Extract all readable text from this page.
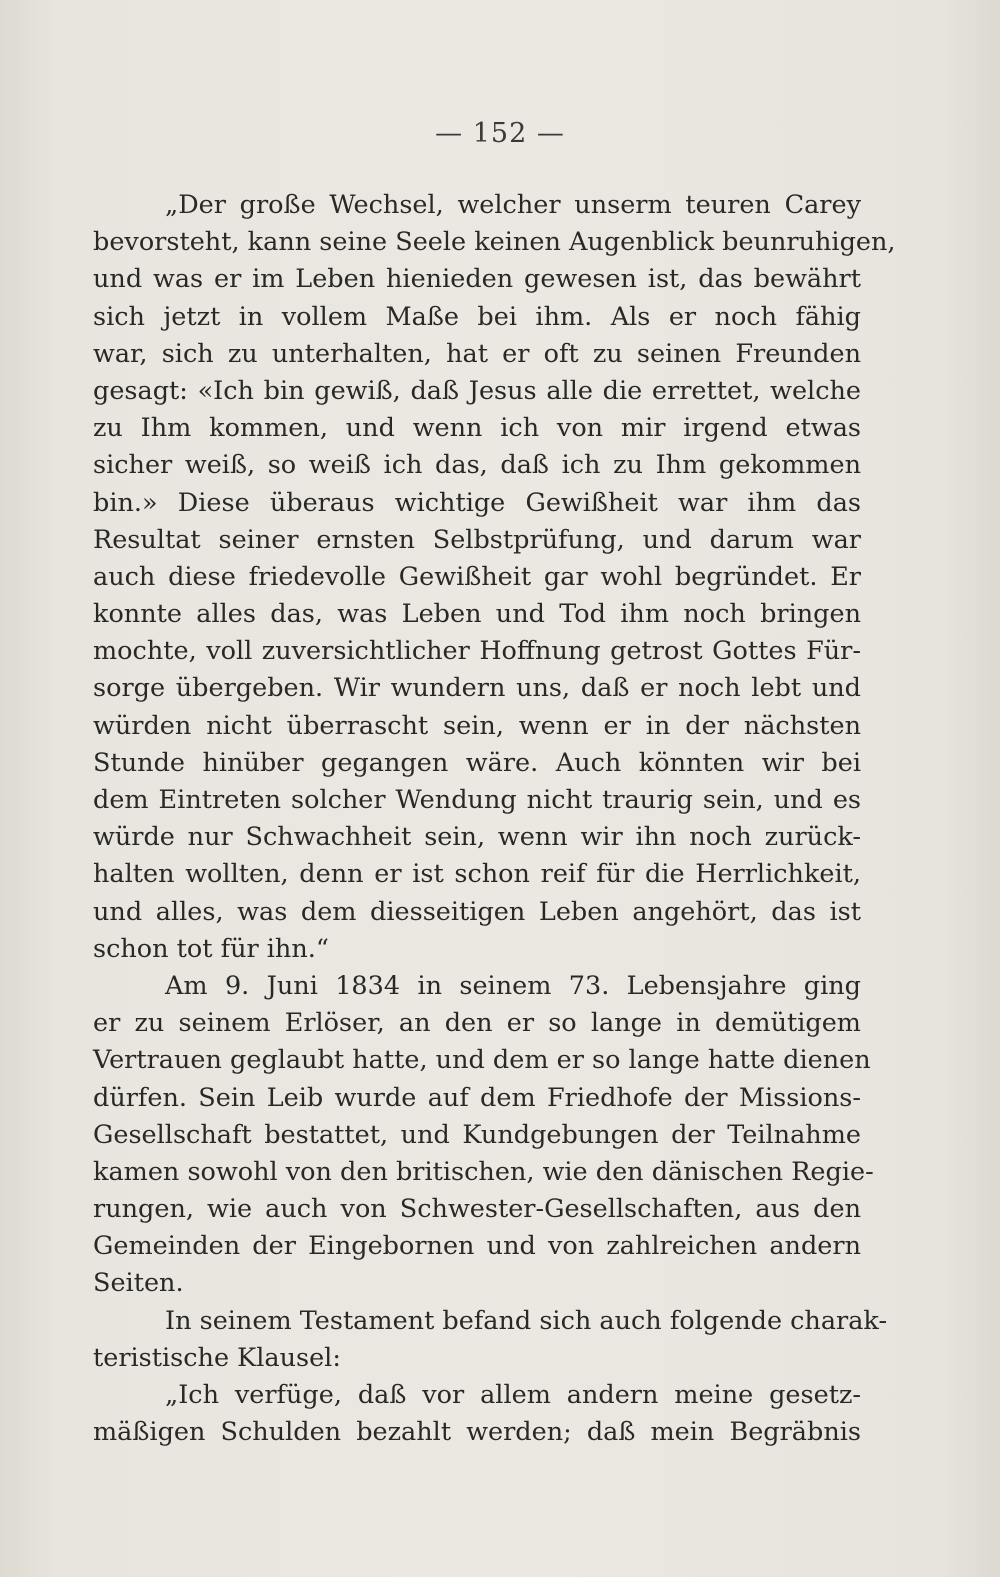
— 152 —
„Der große Wechsel, welcher unserm teuren Carey
bevorsteht, kann seine Seele keinen Augenblick beunruhigen,
und was er im Leben hienieden gewesen ist, das bewährt
sich jetzt in vollem Maße bei ihm. Als er noch fähig
war, sich zu unterhalten, hat er oft zu seinen Freunden
gesagt: «Ich bin gewiß, daß Jesus alle die errettet, welche
zu Ihm kommen, und wenn ich von mir irgend etwas
sicher weiß, so weiß ich das, daß ich zu Ihm gekommen
bin.» Diese überaus wichtige Gewißheit war ihm das
Resultat seiner ernsten Selbstprüfung, und darum war
auch diese friedevolle Gewißheit gar wohl begründet. Er
konnte alles das, was Leben und Tod ihm noch bringen
mochte, voll zuversichtlicher Hoffnung getrost Gottes Für-
sorge übergeben. Wir wundern uns, daß er noch lebt und
würden nicht überrascht sein, wenn er in der nächsten
Stunde hinüber gegangen wäre. Auch könnten wir bei
dem Eintreten solcher Wendung nicht traurig sein, und es
würde nur Schwachheit sein, wenn wir ihn noch zurück-
halten wollten, denn er ist schon reif für die Herrlichkeit,
und alles, was dem diesseitigen Leben angehört, das ist
schon tot für ihn.“
Am 9. Juni 1834 in seinem 73. Lebensjahre ging
er zu seinem Erlöser, an den er so lange in demütigem
Vertrauen geglaubt hatte, und dem er so lange hatte dienen
dürfen. Sein Leib wurde auf dem Friedhofe der Missions-
Gesellschaft bestattet, und Kundgebungen der Teilnahme
kamen sowohl von den britischen, wie den dänischen Regie-
rungen, wie auch von Schwester-Gesellschaften, aus den
Gemeinden der Eingebornen und von zahlreichen andern
Seiten.
In seinem Testament befand sich auch folgende charak-
teristische Klausel:
„Ich verfüge, daß vor allem andern meine gesetz-
mäßigen Schulden bezahlt werden; daß mein Begräbnis
